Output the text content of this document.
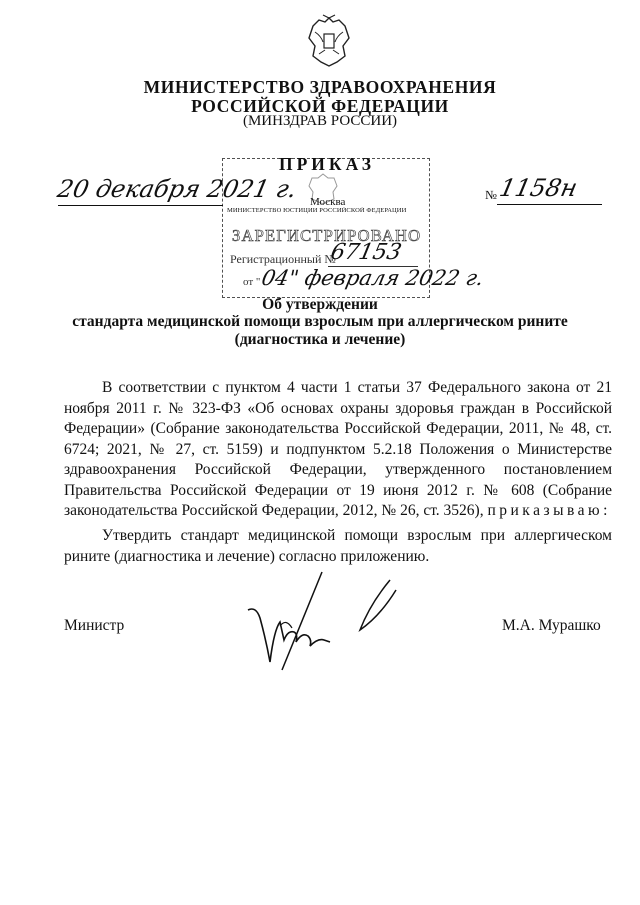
МИНИСТЕРСТВО ЗДРАВООХРАНЕНИЯ
РОССИЙСКОЙ ФЕДЕРАЦИИ
(МИНЗДРАВ РОССИИ)
Москва
МИНИСТЕРСТВО ЮСТИЦИИ РОССИЙСКОЙ ФЕДЕРАЦИИ
ЗАРЕГИСТРИРОВАНО
Регистрационный №
67153
от " 04" февраля 2022 г.
ПРИКАЗ
20 декабря 2021 г.	№ 1158н
Об утверждении
стандарта медицинской помощи взрослым при аллергическом рините
(диагностика и лечение)
В соответствии с пунктом 4 части 1 статьи 37 Федерального закона от 21 ноября 2011 г. № 323-ФЗ «Об основах охраны здоровья граждан в Российской Федерации» (Собрание законодательства Российской Федерации, 2011, № 48, ст. 6724; 2021, № 27, ст. 5159) и подпунктом 5.2.18 Положения о Министерстве здравоохранения Российской Федерации, утвержденного постановлением Правительства Российской Федерации от 19 июня 2012 г. № 608 (Собрание законодательства Российской Федерации, 2012, № 26, ст. 3526), приказываю:
Утвердить стандарт медицинской помощи взрослым при аллергическом рините (диагностика и лечение) согласно приложению.
Министр	М.А. Мурашко
